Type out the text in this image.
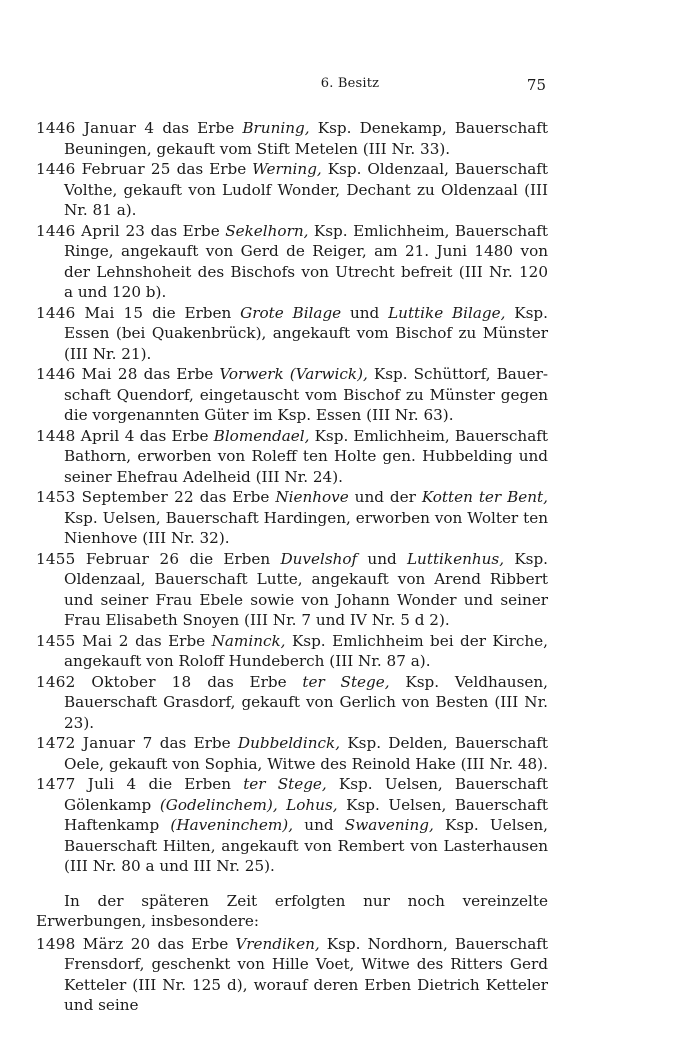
6. Besitz	75

1446 Januar 4 das Erbe Bruning, Ksp. Denekamp, Bauerschaft Beuningen, gekauft vom Stift Metelen (III Nr. 33).

1446 Februar 25 das Erbe Werning, Ksp. Oldenzaal, Bauerschaft Volthe, gekauft von Ludolf Wonder, Dechant zu Oldenzaal (III Nr. 81 a).

1446 April 23 das Erbe Sekelhorn, Ksp. Emlichheim, Bauerschaft Ringe, angekauft von Gerd de Reiger, am 21. Juni 1480 von der Lehnshoheit des Bischofs von Utrecht befreit (III Nr. 120 a und 120 b).

1446 Mai 15 die Erben Grote Bilage und Luttike Bilage, Ksp. Essen (bei Quakenbrück), angekauft vom Bischof zu Münster (III Nr. 21).

1446 Mai 28 das Erbe Vorwerk (Varwick), Ksp. Schüttorf, Bauerschaft Quendorf, eingetauscht vom Bischof zu Münster gegen die vorgenannten Güter im Ksp. Essen (III Nr. 63).

1448 April 4 das Erbe Blomendael, Ksp. Emlichheim, Bauerschaft Bathorn, erworben von Roleff ten Holte gen. Hubbelding und seiner Ehefrau Adelheid (III Nr. 24).

1453 September 22 das Erbe Nienhove und der Kotten ter Bent, Ksp. Uelsen, Bauerschaft Hardingen, erworben von Wolter ten Nienhove (III Nr. 32).

1455 Februar 26 die Erben Duvelshof und Luttikenhus, Ksp. Oldenzaal, Bauerschaft Lutte, angekauft von Arend Ribbert und seiner Frau Ebele sowie von Johann Wonder und seiner Frau Elisabeth Snoyen (III Nr. 7 und IV Nr. 5 d 2).

1455 Mai 2 das Erbe Naminck, Ksp. Emlichheim bei der Kirche, angekauft von Roloff Hundeberch (III Nr. 87 a).

1462 Oktober 18 das Erbe ter Stege, Ksp. Veldhausen, Bauerschaft Grasdorf, gekauft von Gerlich von Besten (III Nr. 23).

1472 Januar 7 das Erbe Dubbeldinck, Ksp. Delden, Bauerschaft Oele, gekauft von Sophia, Witwe des Reinold Hake (III Nr. 48).

1477 Juli 4 die Erben ter Stege, Ksp. Uelsen, Bauerschaft Gölenkamp (Godelinchem), Lohus, Ksp. Uelsen, Bauerschaft Haftenkamp (Haveninchem), und Swavening, Ksp. Uelsen, Bauerschaft Hilten, angekauft von Rembert von Lasterhausen (III Nr. 80 a und III Nr. 25).

In der späteren Zeit erfolgten nur noch vereinzelte Erwerbungen, insbesondere:

1498 März 20 das Erbe Vrendiken, Ksp. Nordhorn, Bauerschaft Frensdorf, geschenkt von Hille Voet, Witwe des Ritters Gerd Ketteler (III Nr. 125 d), worauf deren Erben Dietrich Ketteler und seine
